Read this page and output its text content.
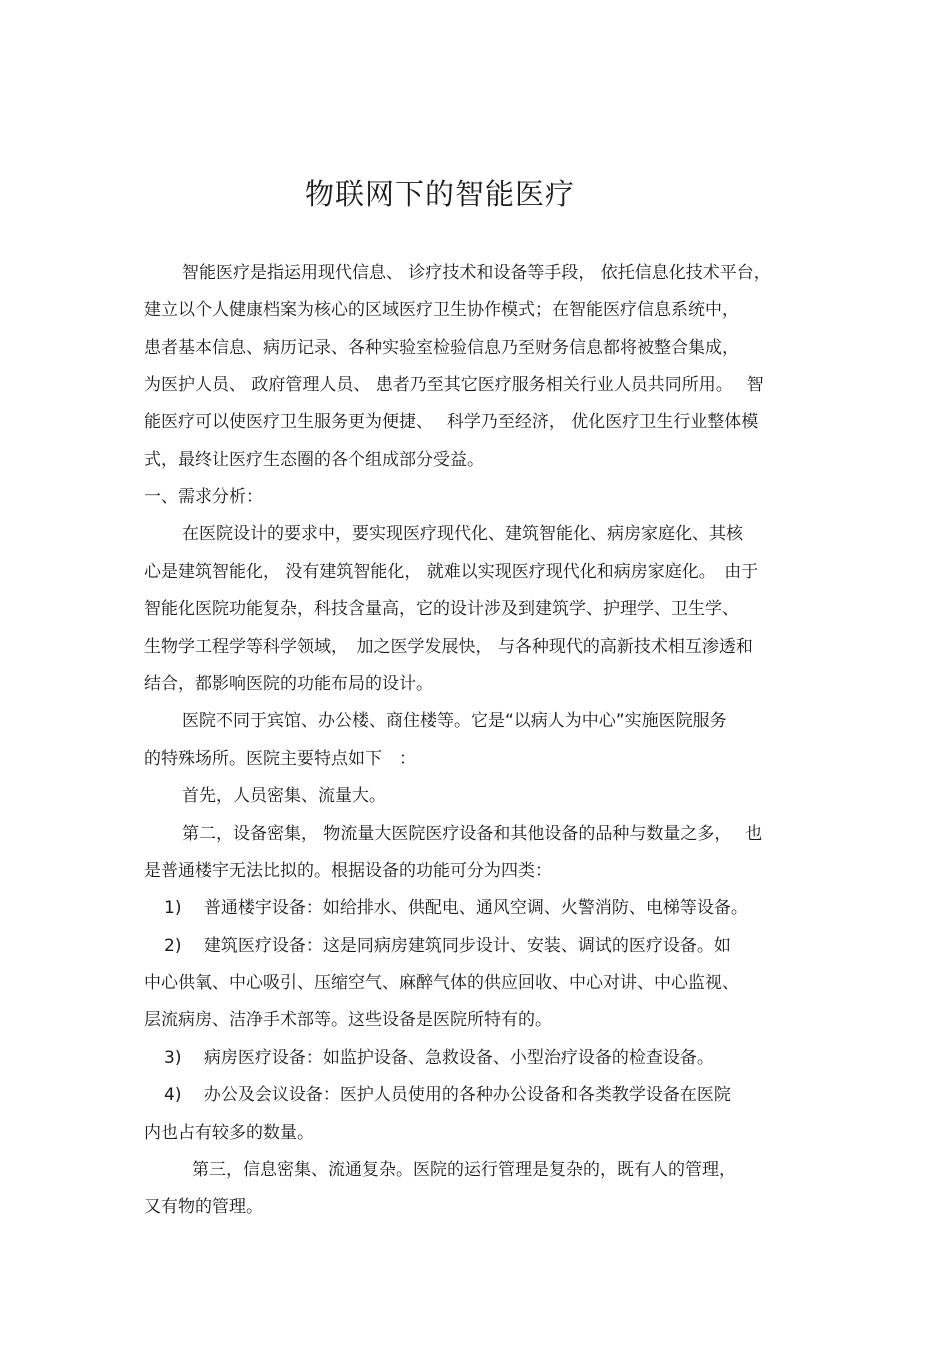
物联网下的智能医疗
智能医疗是指运用现代信息、 诊疗技术和设备等手段， 依托信息化技术平台，
建立以个人健康档案为核心的区域医疗卫生协作模式；在智能医疗信息系统中，
患者基本信息、病历记录、各种实验室检验信息乃至财务信息都将被整合集成，
为医护人员、 政府管理人员、 患者乃至其它医疗服务相关行业人员共同所用。　 智
能医疗可以使医疗卫生服务更为便捷、　 科学乃至经济， 优化医疗卫生行业整体模
式，最终让医疗生态圈的各个组成部分受益。
一、需求分析：
在医院设计的要求中，要实现医疗现代化、建筑智能化、病房家庭化、其核
心是建筑智能化， 没有建筑智能化， 就难以实现医疗现代化和病房家庭化。　由于
智能化医院功能复杂，科技含量高，它的设计涉及到建筑学、护理学、卫生学、
生物学工程学等科学领域，　加之医学发展快， 与各种现代的高新技术相互渗透和
结合，都影响医院的功能布局的设计。
医院不同于宾馆、办公楼、商住楼等。它是“以病人为中心”实施医院服务
的特殊场所。医院主要特点如下　：
首先，人员密集、流量大。
第二，设备密集， 物流量大医院医疗设备和其他设备的品种与数量之多，　 也
是普通楼宇无法比拟的。根据设备的功能可分为四类：
1)　 普通楼宇设备：如给排水、供配电、通风空调、火警消防、电梯等设备。
2)　 建筑医疗设备：这是同病房建筑同步设计、安装、调试的医疗设备。如
中心供氧、中心吸引、压缩空气、麻醉气体的供应回收、中心对讲、中心监视、
层流病房、洁净手术部等。这些设备是医院所特有的。
3)　 病房医疗设备：如监护设备、急救设备、小型治疗设备的检查设备。
4)　 办公及会议设备：医护人员使用的各种办公设备和各类教学设备在医院
内也占有较多的数量。
第三，信息密集、流通复杂。医院的运行管理是复杂的，既有人的管理，
又有物的管理。
